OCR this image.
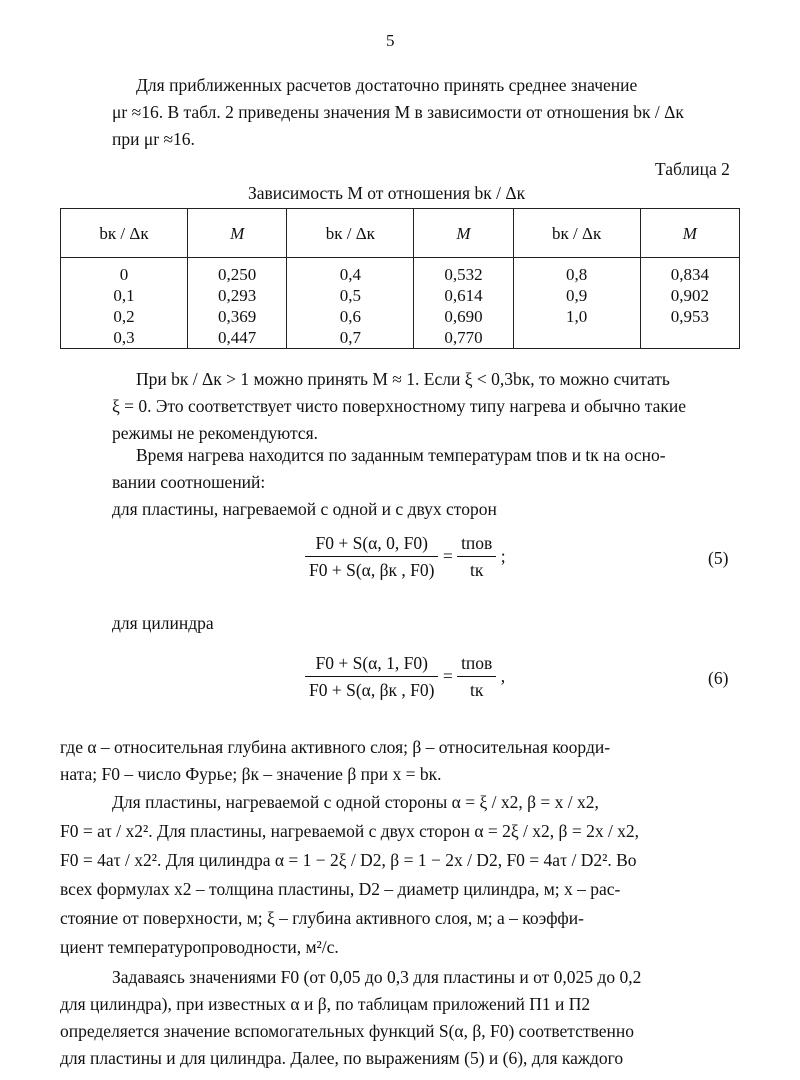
5
Для приближенных расчетов достаточно принять среднее значение
μr ≈16. В табл. 2 приведены значения M в зависимости от отношения bк / Δк
при μr ≈16.
Таблица 2
Зависимость M от отношения bк / Δк
bк / Δк	M	bк / Δк	M	bк / Δк	M
0	0,250	0,4	0,532	0,8	0,834
0,1	0,293	0,5	0,614	0,9	0,902
0,2	0,369	0,6	0,690	1,0	0,953
0,3	0,447	0,7	0,770		
При bк / Δк > 1 можно принять M ≈ 1. Если ξ < 0,3bк, то можно считать
ξ = 0. Это соответствует чисто поверхностному типу нагрева и обычно такие
режимы не рекомендуются.
Время нагрева находится по заданным температурам tпов и tк на осно-
вании соотношений:
для пластины, нагреваемой с одной и с двух сторон
$\frac{F0 + S(\alpha, 0, F0)}{F0 + S(\alpha, \beta к , F0)} = \frac{\text{tпов}}{tк}$ ;	(5)
для цилиндра
$\frac{F0 + S(\alpha, 1, F0)}{F0 + S(\alpha, \beta к , F0)} = \frac{\text{tпов}}{tк}$ ,	(6)
где α – относительная глубина активного слоя; β – относительная коорди-
ната; F0 – число Фурье; βк – значение β при x = bк.
Для пластины, нагреваемой с одной стороны α = ξ / x2, β = x / x2,
F0 = aτ / x2². Для пластины, нагреваемой с двух сторон α = 2ξ / x2, β = 2x / x2,
F0 = 4aτ / x2². Для цилиндра α = 1 − 2ξ / D2, β = 1 − 2x / D2, F0 = 4aτ / D2². Во
всех формулах x2 – толщина пластины, D2 – диаметр цилиндра, м; x – рас-
стояние от поверхности, м; ξ – глубина активного слоя, м; a – коэффи-
циент температуропроводности, м²/с.
Задаваясь значениями F0 (от 0,05 до 0,3 для пластины и от 0,025 до 0,2
для цилиндра), при известных α и β, по таблицам приложений П1 и П2
определяется значение вспомогательных функций S(α, β, F0) соответственно
для пластины и для цилиндра. Далее, по выражениям (5) и (6), для каждого
